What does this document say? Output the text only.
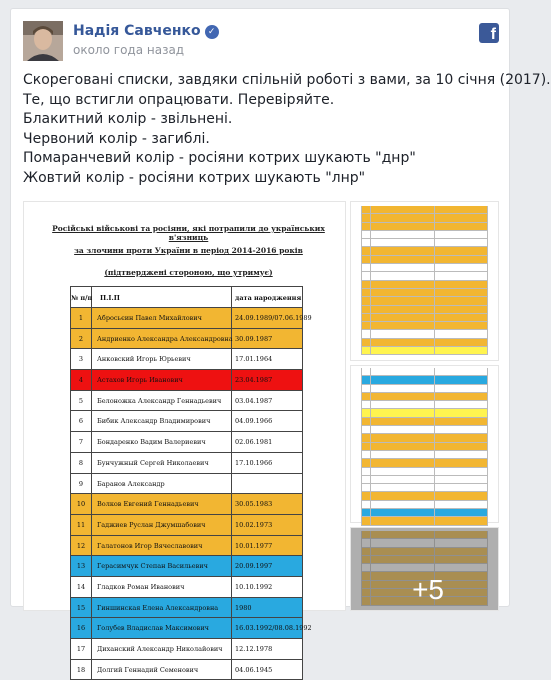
Надія Савченко ✓
около года назад
f

Скореговані списки, завдяки спільній роботі з вами, за 10 січня (2017).

Те, що встигли опрацювати. Перевіряйте.

Блакитний колір - звільнені.

Червоний колір - загиблі.

Помаранчевий колір - росіяни котрих шукають "днр"

Жовтий колір - росіяни котрих шукають "лнр"

Російські військові та росіяни, які потрапили до українських в'язниць
за злочини проти України в період 2014-2016 років
(підтверджені стороною, що утримує)
№ п/п	П.І.П	дата народження
1	Абросьєин Павел Михайлович	24.09.1989/07.06.1989
2	Андриенко Александра Александровна 30.09.1987
3	Анковский Игорь Юрьевич	17.01.1964
4	Астахов Игорь Иванович	23.04.1987
5	Белоножка Александр Геннадьевич	03.04.1987
6	Бибик Александр Владимирович	04.09.1966
7	Бондаренко Вадим Валериевич	02.06.1981
8	Бунчужный Сергей Николаевич	17.10.1966
9	Баранов Александр
10	Волков Евгений Геннадьевич	30.05.1983
11	Гаджиев Руслан Джумшабович	10.02.1973
12	Галатонов Игор Вячеславович	10.01.1977
13	Герасимчук Степан Васильевич	20.09.1997
14	Гладков Роман Иванович	10.10.1992
15	Гиншинская Елена Александровна	1980
16	Голубев Владислав Максимович	16.03.1992/08.08.1992
17	Диханский Александр Николайович	12.12.1978
18	Долгий Геннадий Семенович	04.06.1945
+5
